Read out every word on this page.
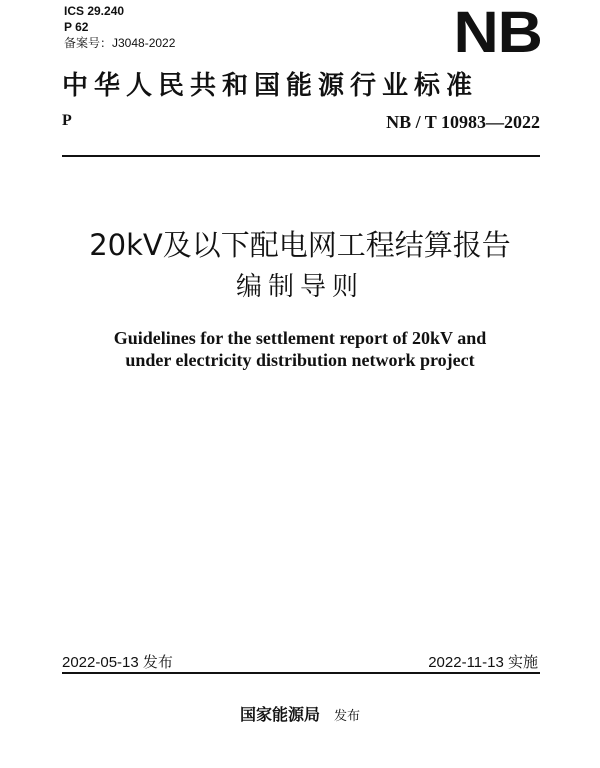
ICS 29.240
P 62
备案号：J3048-2022	NB
中华人民共和国能源行业标准
P	NB / T 10983—2022
20kV及以下配电网工程结算报告
编制导则
Guidelines for the settlement report of 20kV and
under electricity distribution network project
2022-05-13 发布	2022-11-13 实施
国家能源局 发布
